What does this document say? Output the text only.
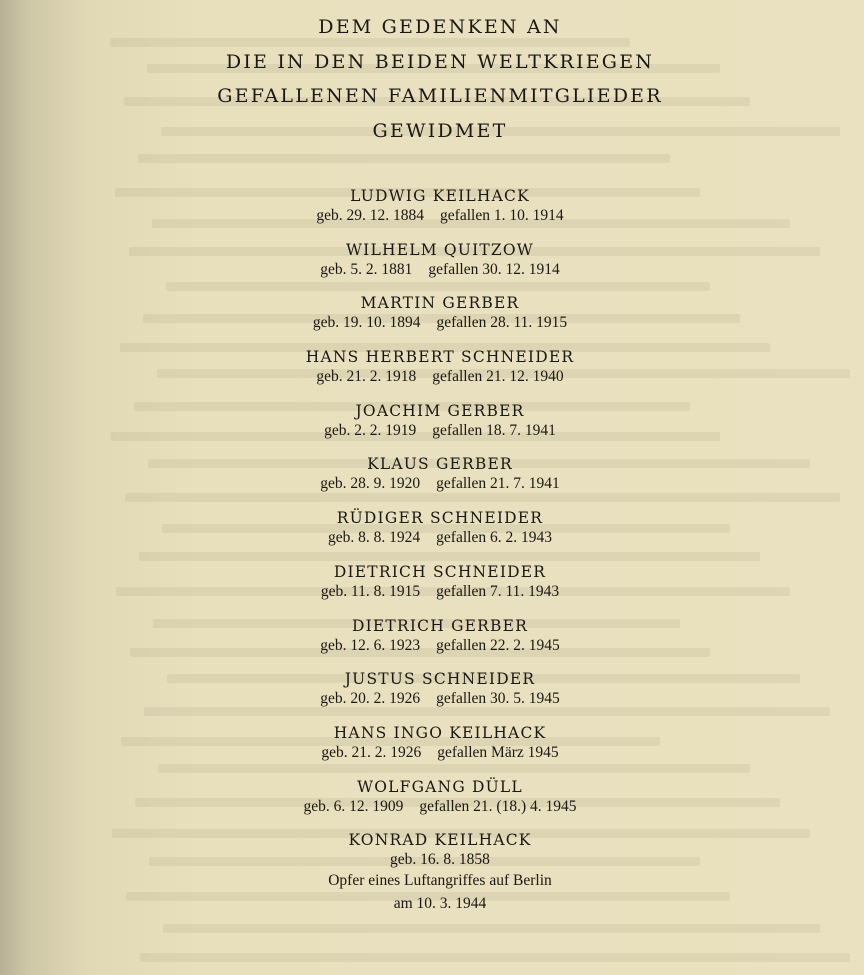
DEM GEDENKEN AN
DIE IN DEN BEIDEN WELTKRIEGEN
GEFALLENEN FAMILIENMITGLIEDER
GEWIDMET
LUDWIG KEILHACK
geb. 29. 12. 1884 gefallen 1. 10. 1914
WILHELM QUITZOW
geb. 5. 2. 1881 gefallen 30. 12. 1914
MARTIN GERBER
geb. 19. 10. 1894 gefallen 28. 11. 1915
HANS HERBERT SCHNEIDER
geb. 21. 2. 1918 gefallen 21. 12. 1940
JOACHIM GERBER
geb. 2. 2. 1919 gefallen 18. 7. 1941
KLAUS GERBER
geb. 28. 9. 1920 gefallen 21. 7. 1941
RÜDIGER SCHNEIDER
geb. 8. 8. 1924 gefallen 6. 2. 1943
DIETRICH SCHNEIDER
geb. 11. 8. 1915 gefallen 7. 11. 1943
DIETRICH GERBER
geb. 12. 6. 1923 gefallen 22. 2. 1945
JUSTUS SCHNEIDER
geb. 20. 2. 1926 gefallen 30. 5. 1945
HANS INGO KEILHACK
geb. 21. 2. 1926 gefallen März 1945
WOLFGANG DÜLL
geb. 6. 12. 1909 gefallen 21. (18.) 4. 1945
KONRAD KEILHACK
geb. 16. 8. 1858
Opfer eines Luftangriffes auf Berlin
am 10. 3. 1944
